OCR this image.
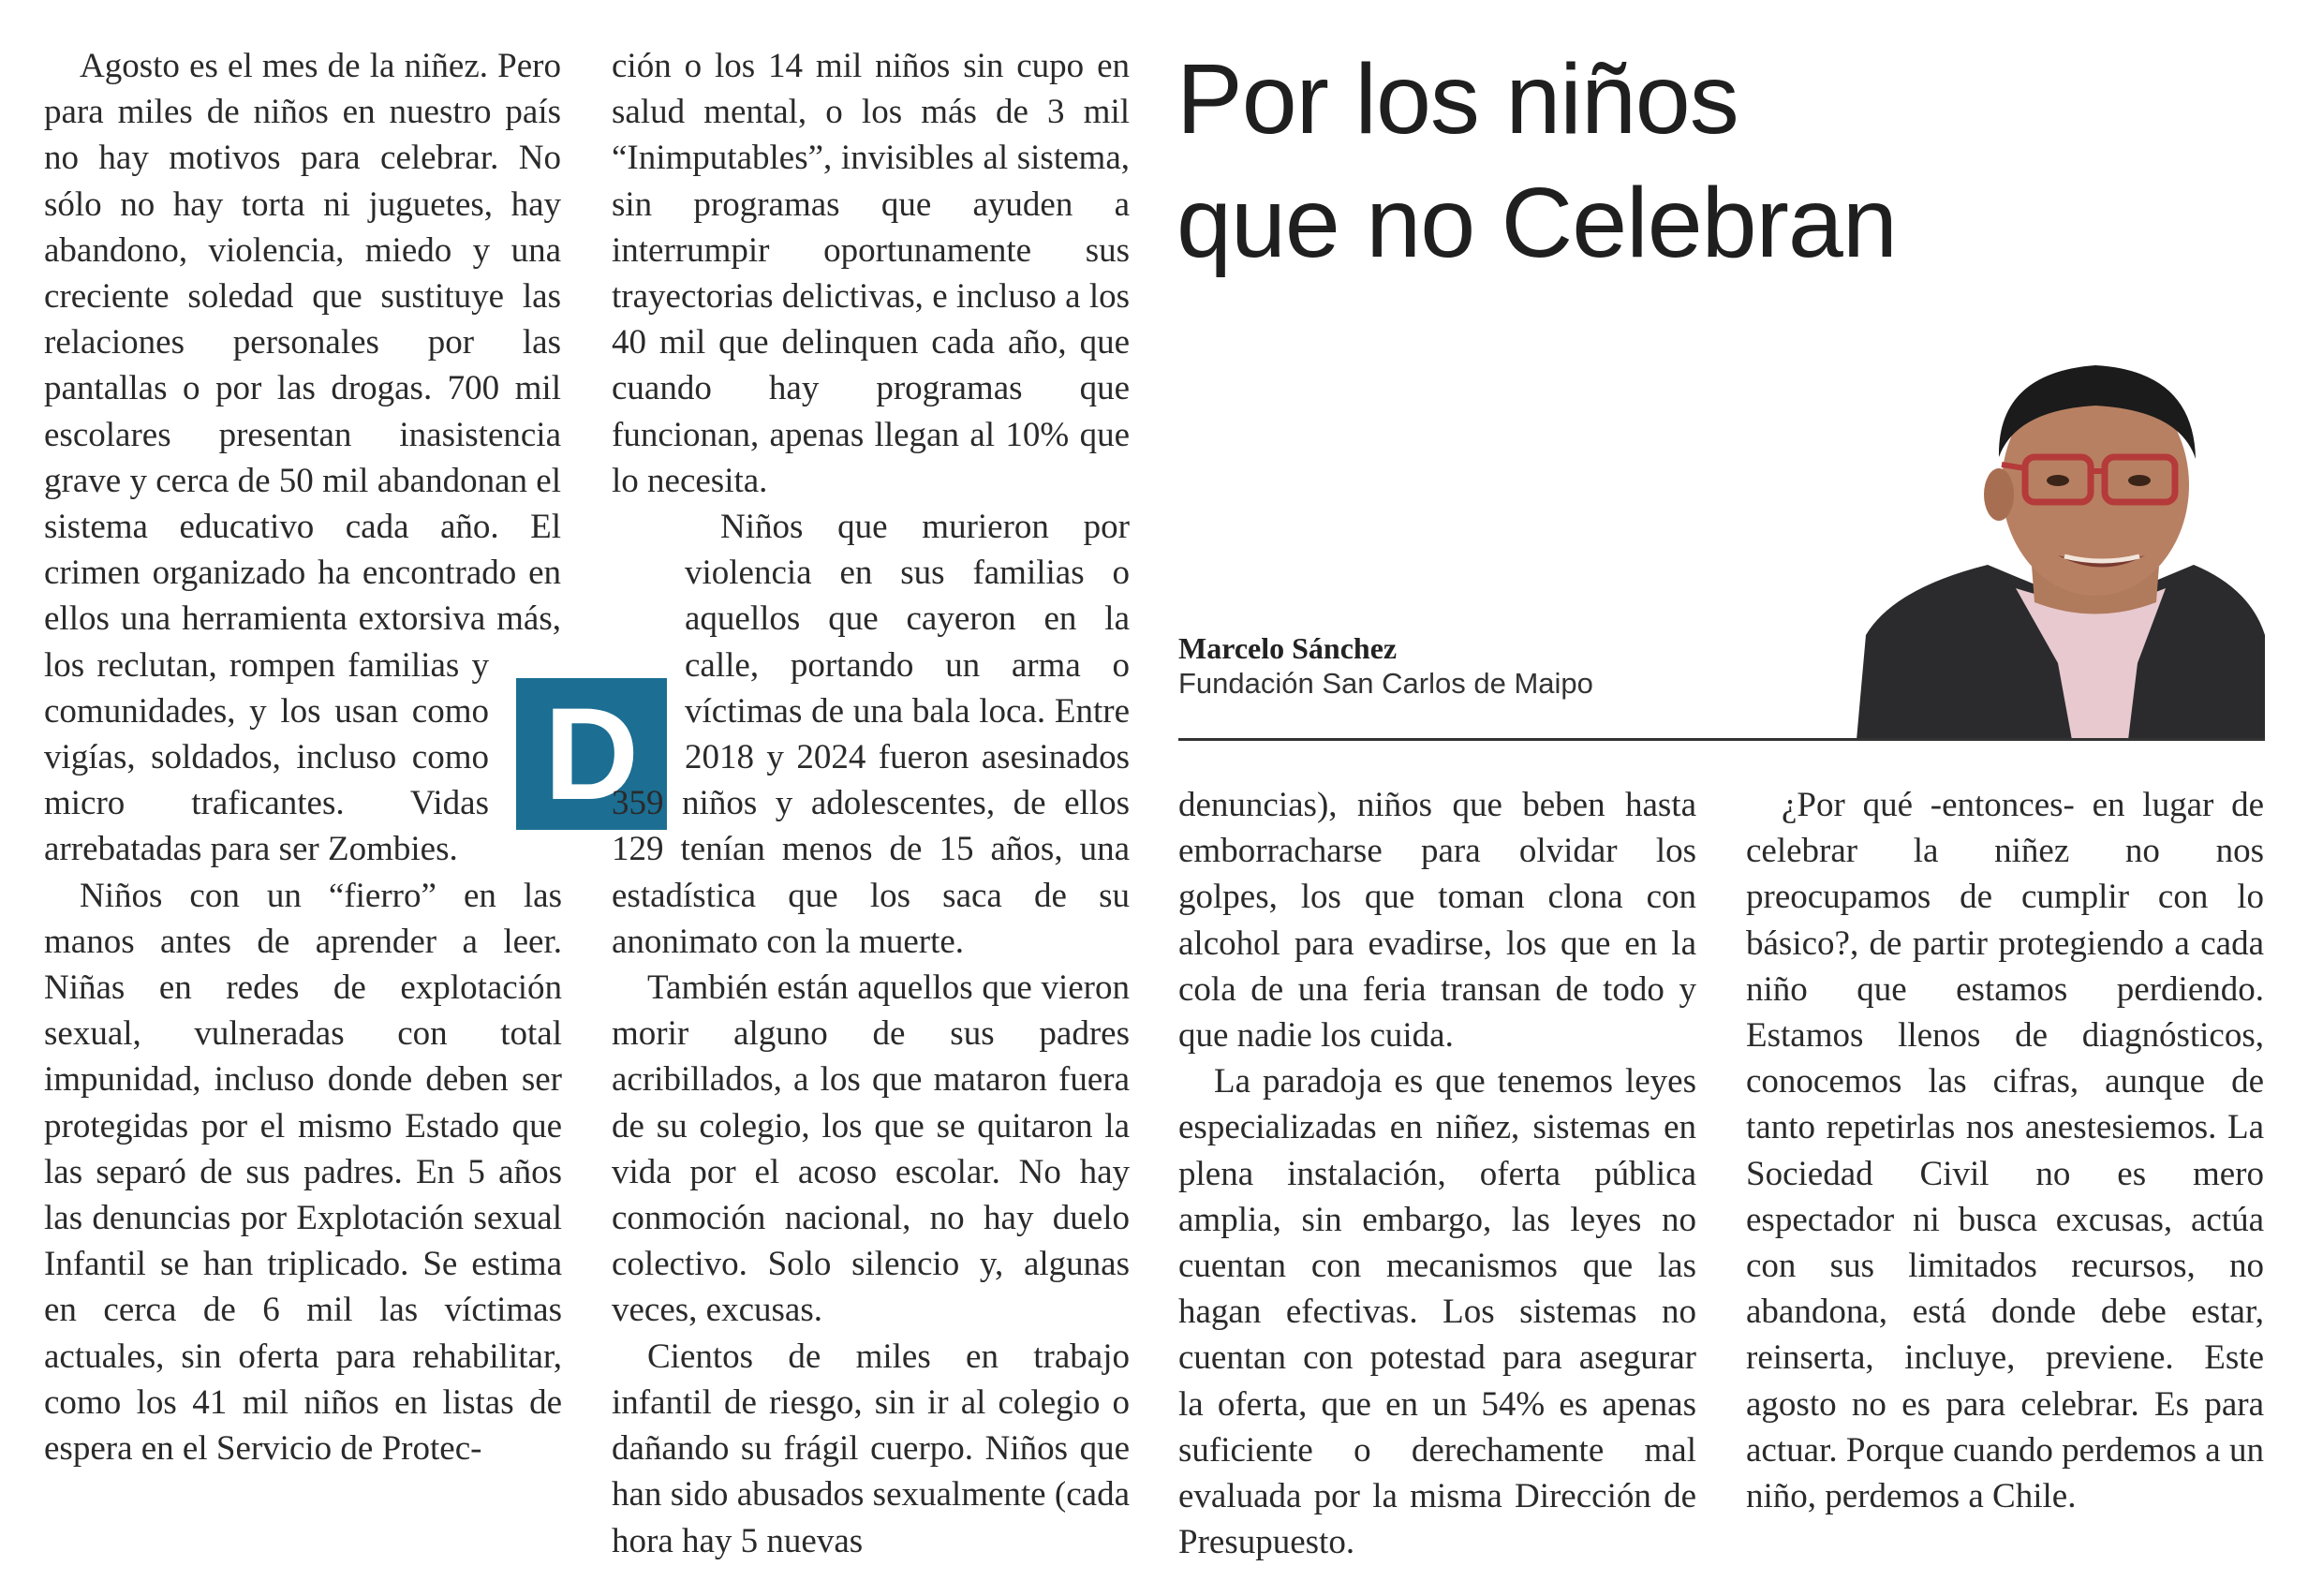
Por los niños
que no Celebran
Marcelo Sánchez
Fundación San Carlos de Maipo
D

Agosto es el mes de la niñez. Pero para miles de niños en nuestro país no hay motivos para celebrar. No sólo no hay torta ni juguetes, hay abandono, violencia, miedo y una creciente soledad que sustituye las relaciones personales por las pantallas o por las drogas. 700 mil escolares presentan inasistencia grave y cerca de 50 mil abandonan el sistema educativo cada año. El crimen organizado ha encontrado en ellos una herramienta extorsiva más, los reclutan, rompen familias y comunidades, y los usan como vigías, soldados, incluso como micro traficantes. Vidas arrebatadas para ser Zombies.

Niños con un “fierro” en las manos antes de aprender a leer. Niñas en redes de explotación sexual, vulneradas con total impunidad, incluso donde deben ser protegidas por el mismo Estado que las separó de sus padres. En 5 años las denuncias por Explotación sexual Infantil se han triplicado. Se estima en cerca de 6 mil las víctimas actuales, sin oferta para rehabilitar, como los 41 mil niños en listas de espera en el Servicio de Protec-

ción o los 14 mil niños sin cupo en salud mental, o los más de 3 mil “Inimputables”, invisibles al sistema, sin programas que ayuden a interrumpir oportunamente sus trayectorias delictivas, e incluso a los 40 mil que delinquen cada año, que cuando hay programas que funcionan, apenas llegan al 10% que lo necesita.

Niños que murieron por violencia en sus familias o aquellos que cayeron en la calle, portando un arma o víctimas de una bala loca. Entre 2018 y 2024 fueron asesinados 359 niños y adolescentes, de ellos 129 tenían menos de 15 años, una estadística que los saca de su anonimato con la muerte.

También están aquellos que vieron morir alguno de sus padres acribillados, a los que mataron fuera de su colegio, los que se quitaron la vida por el acoso escolar. No hay conmoción nacional, no hay duelo colectivo. Solo silencio y, algunas veces, excusas.

Cientos de miles en trabajo infantil de riesgo, sin ir al colegio o dañando su frágil cuerpo. Niños que han sido abusados sexualmente (cada hora hay 5 nuevas

denuncias), niños que beben hasta emborracharse para olvidar los golpes, los que toman clona con alcohol para evadirse, los que en la cola de una feria transan de todo y que nadie los cuida.

La paradoja es que tenemos leyes especializadas en niñez, sistemas en plena instalación, oferta pública amplia, sin embargo, las leyes no cuentan con mecanismos que las hagan efectivas. Los sistemas no cuentan con potestad para asegurar la oferta, que en un 54% es apenas suficiente o derechamente mal evaluada por la misma Dirección de Presupuesto.

¿Por qué -entonces- en lugar de celebrar la niñez no nos preocupamos de cumplir con lo básico?, de partir protegiendo a cada niño que estamos perdiendo. Estamos llenos de diagnósticos, conocemos las cifras, aunque de tanto repetirlas nos anestesiemos. La Sociedad Civil no es mero espectador ni busca excusas, actúa con sus limitados recursos, no abandona, está donde debe estar, reinserta, incluye, previene. Este agosto no es para celebrar. Es para actuar. Porque cuando perdemos a un niño, perdemos a Chile.
